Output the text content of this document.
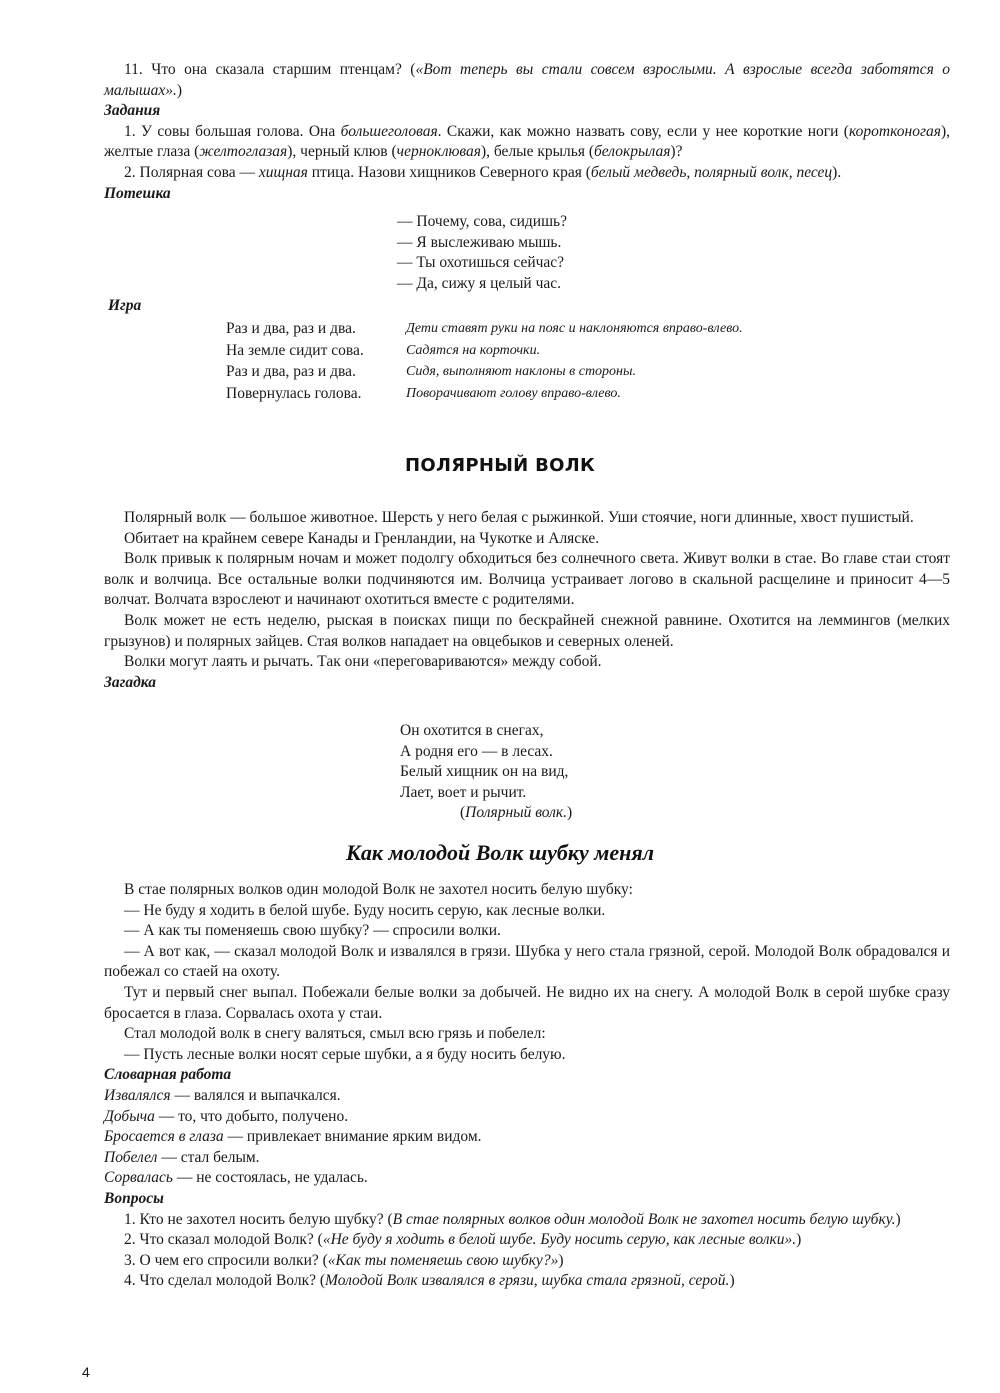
11. Что она сказала старшим птенцам? («Вот теперь вы стали совсем взрослыми. А взрослые всегда заботятся о малышах».)

Задания

1. У совы большая голова. Она большеголовая. Скажи, как можно назвать сову, если у нее короткие ноги (коротконогая), желтые глаза (желтоглазая), черный клюв (черноклювая), белые крылья (белокрылая)?

2. Полярная сова — хищная птица. Назови хищников Северного края (белый медведь, полярный волк, песец).

Потешка

— Почему, сова, сидишь?
— Я выслеживаю мышь.
— Ты охотишься сейчас?
— Да, сижу я целый час.
Игра
Раз и два, раз и два.
На земле сидит сова.
Раз и два, раз и два.
Повернулась голова.
Дети ставят руки на пояс и наклоняются вправо-влево.
Садятся на корточки.
Сидя, выполняют наклоны в стороны.
Поворачивают голову вправо-влево.
ПОЛЯРНЫЙ ВОЛК

Полярный волк — большое животное. Шерсть у него белая с рыжинкой. Уши стоячие, ноги длинные, хвост пушистый.

Обитает на крайнем севере Канады и Гренландии, на Чукотке и Аляске.

Волк привык к полярным ночам и может подолгу обходиться без солнечного света. Живут волки в стае. Во главе стаи стоят волк и волчица. Все остальные волки подчиняются им. Волчица устраивает логово в скальной расщелине и приносит 4—5 волчат. Волчата взрослеют и начинают охотиться вместе с родителями.

Волк может не есть неделю, рыская в поисках пищи по бескрайней снежной равнине. Охотится на леммингов (мелких грызунов) и полярных зайцев. Стая волков нападает на овцебыков и северных оленей.

Волки могут лаять и рычать. Так они «переговариваются» между собой.

Загадка

Он охотится в снегах,
А родня его — в лесах.
Белый хищник он на вид,
Лает, воет и рычит.
(Полярный волк.)
Как молодой Волк шубку менял

В стае полярных волков один молодой Волк не захотел носить белую шубку:

— Не буду я ходить в белой шубе. Буду носить серую, как лесные волки.

— А как ты поменяешь свою шубку? — спросили волки.

— А вот как, — сказал молодой Волк и извалялся в грязи. Шубка у него стала грязной, серой. Молодой Волк обрадовался и побежал со стаей на охоту.

Тут и первый снег выпал. Побежали белые волки за добычей. Не видно их на снегу. А молодой Волк в серой шубке сразу бросается в глаза. Сорвалась охота у стаи.

Стал молодой волк в снегу валяться, смыл всю грязь и побелел:

— Пусть лесные волки носят серые шубки, а я буду носить белую.

Словарная работа

Извалялся — валялся и выпачкался.

Добыча — то, что добыто, получено.

Бросается в глаза — привлекает внимание ярким видом.

Побелел — стал белым.

Сорвалась — не состоялась, не удалась.

Вопросы

1. Кто не захотел носить белую шубку? (В стае полярных волков один молодой Волк не захотел носить белую шубку.)

2. Что сказал молодой Волк? («Не буду я ходить в белой шубе. Буду носить серую, как лесные волки».)

3. О чем его спросили волки? («Как ты поменяешь свою шубку?»)

4. Что сделал молодой Волк? (Молодой Волк извалялся в грязи, шубка стала грязной, серой.)

4
